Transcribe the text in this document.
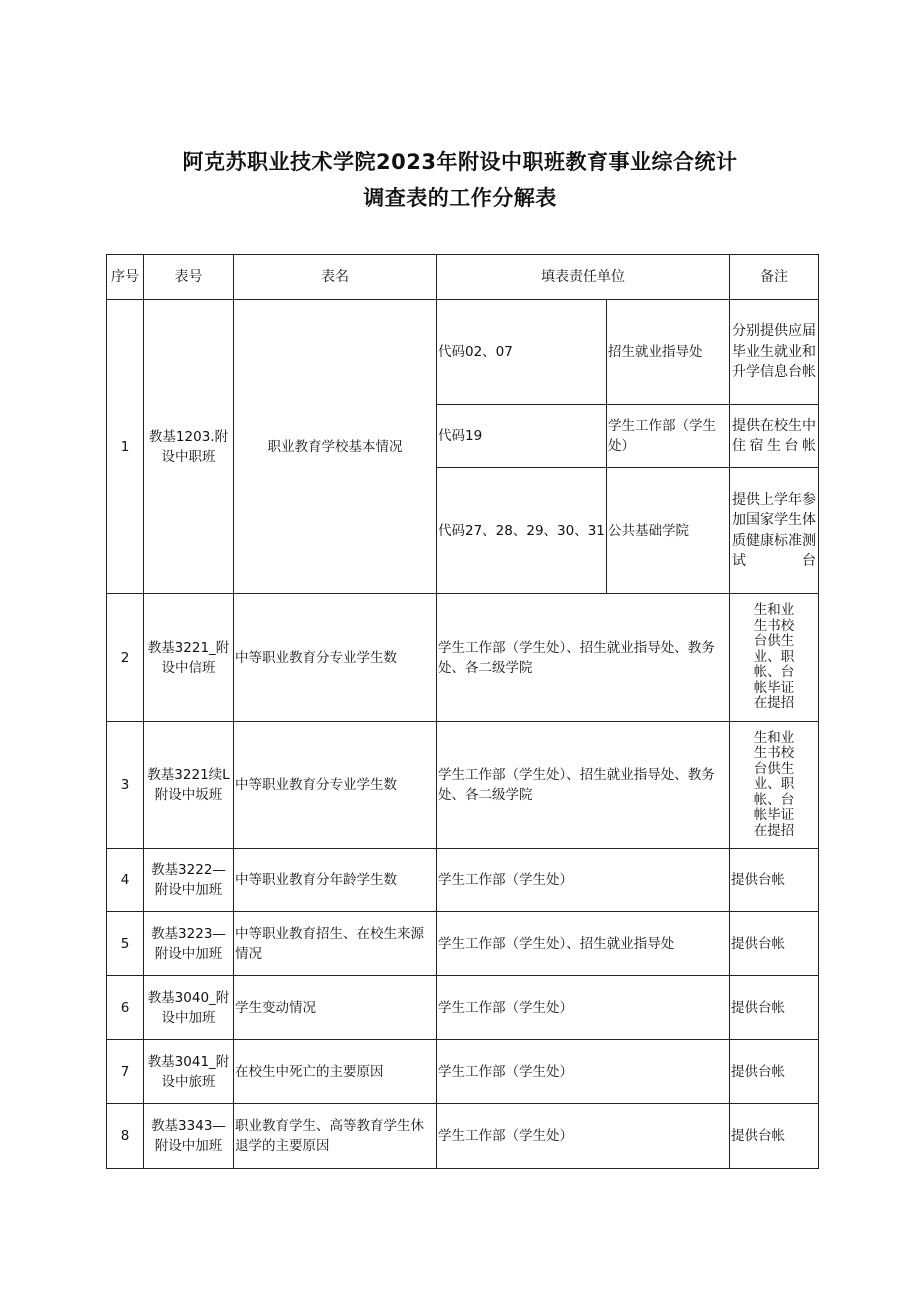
阿克苏职业技术学院2023年附设中职班教育事业综合统计
调查表的工作分解表
序号	表号	表名	填表责任单位		备注
1	教基1203.附设中职班	职业教育学校基本情况	代码02、07	招生就业指导处	分别提供应届毕业生就业和升学信息台帐
			代码19	学生工作部（学生处）	提供在校生中住宿生台帐
			代码27、28、29、30、31	公共基础学院	提供上学年参加国家学生体质健康标准测试台
2	教基3221_附设中信班	中等职业教育分专业学生数	学生工作部（学生处）、招生就业指导处、教务处、各二级学院		生和业生书校台供生业、职帐、台帐毕证在提招

3	教基3221续L附设中坂班	中等职业教育分专业学生数	学生工作部（学生处）、招生就业指导处、教务处、各二级学院		生和业生书校台供生业、职帐、台帐毕证在提招

4	教基3222—附设中加班	中等职业教育分年龄学生数	学生工作部（学生处）		提供台帐
5	教基3223—附设中加班	中等职业教育招生、在校生来源情况	学生工作部（学生处）、招生就业指导处		提供台帐
6	教基3040_附设中加班	学生变动情况	学生工作部（学生处）		提供台帐
7	教基3041_附设中旅班	在校生中死亡的主要原因	学生工作部（学生处）		提供台帐
8	教基3343—附设中加班	职业教育学生、高等教育学生休退学的主要原因	学生工作部（学生处）		提供台帐
